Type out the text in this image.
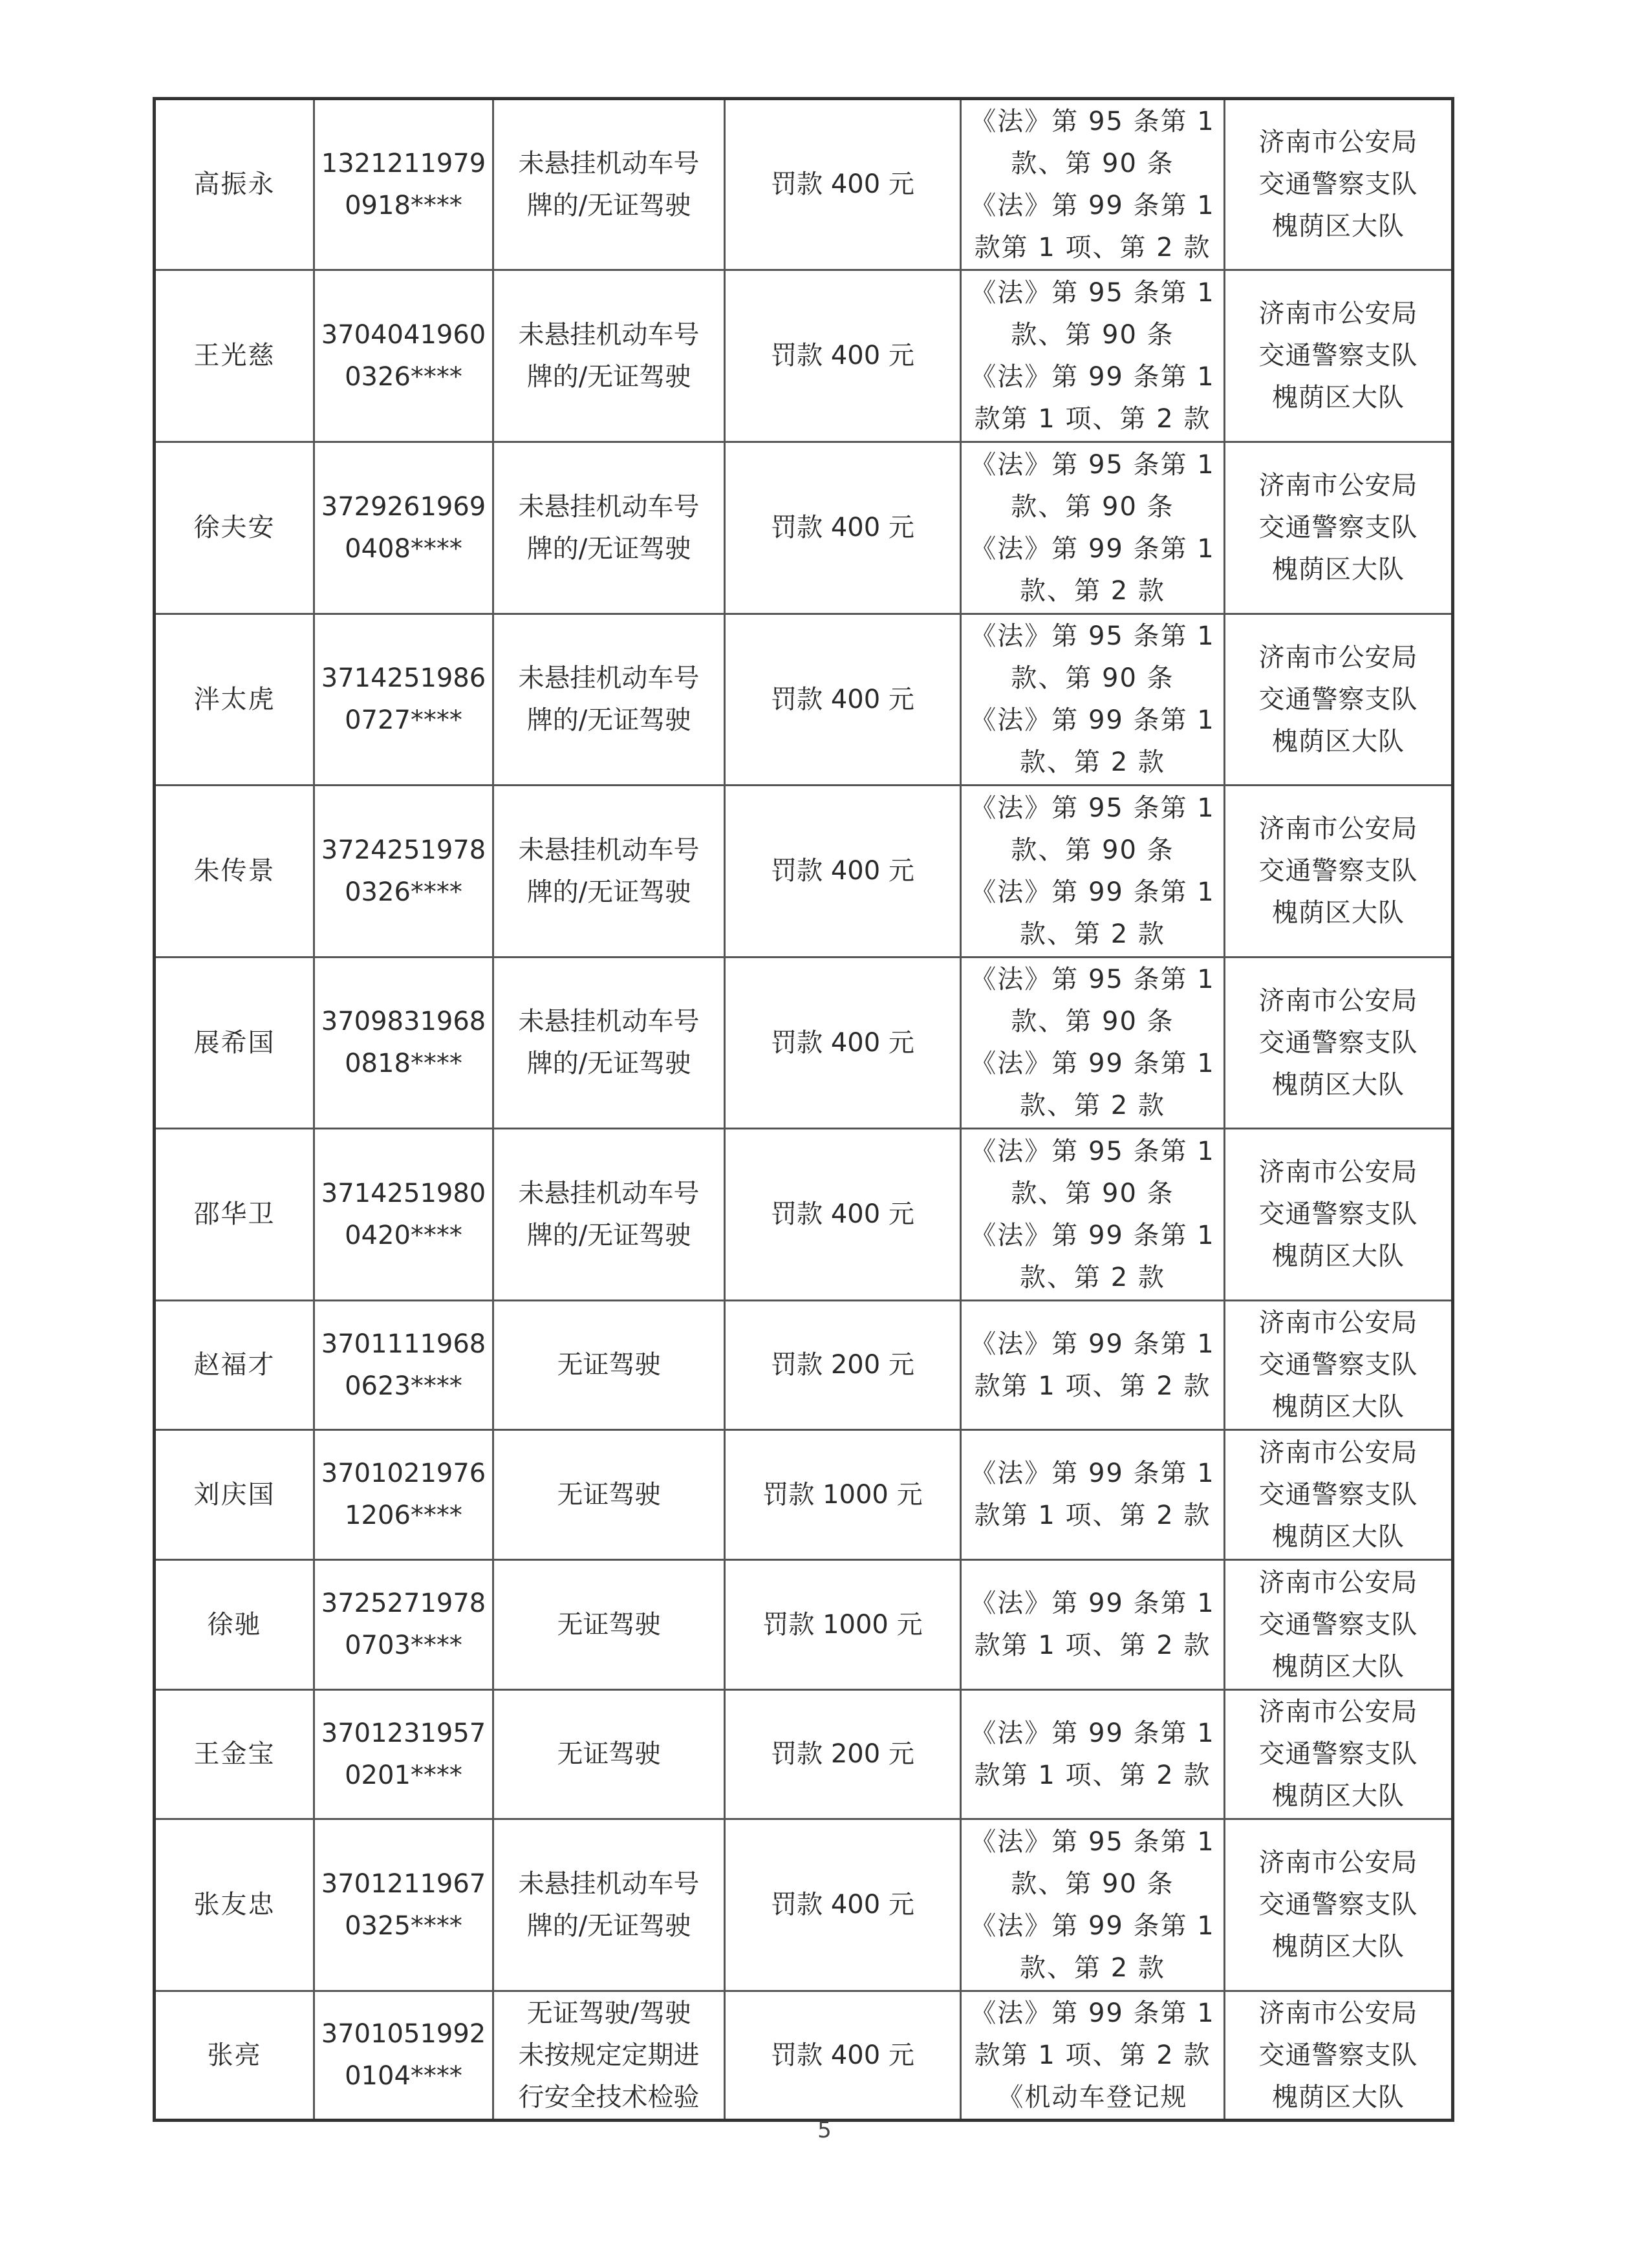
高振永	1321211979
0918****	未悬挂机动车号
牌的/无证驾驶	罚款 400 元	《法》第 95 条第 1
款、第 90 条
《法》第 99 条第 1
款第 1 项、第 2 款	济南市公安局
交通警察支队
槐荫区大队

王光慈	3704041960
0326****	未悬挂机动车号
牌的/无证驾驶	罚款 400 元	《法》第 95 条第 1
款、第 90 条
《法》第 99 条第 1
款第 1 项、第 2 款	济南市公安局
交通警察支队
槐荫区大队

徐夫安	3729261969
0408****	未悬挂机动车号
牌的/无证驾驶	罚款 400 元	《法》第 95 条第 1
款、第 90 条
《法》第 99 条第 1
款、第 2 款	济南市公安局
交通警察支队
槐荫区大队

泮太虎	3714251986
0727****	未悬挂机动车号
牌的/无证驾驶	罚款 400 元	《法》第 95 条第 1
款、第 90 条
《法》第 99 条第 1
款、第 2 款	济南市公安局
交通警察支队
槐荫区大队

朱传景	3724251978
0326****	未悬挂机动车号
牌的/无证驾驶	罚款 400 元	《法》第 95 条第 1
款、第 90 条
《法》第 99 条第 1
款、第 2 款	济南市公安局
交通警察支队
槐荫区大队

展希国	3709831968
0818****	未悬挂机动车号
牌的/无证驾驶	罚款 400 元	《法》第 95 条第 1
款、第 90 条
《法》第 99 条第 1
款、第 2 款	济南市公安局
交通警察支队
槐荫区大队

邵华卫	3714251980
0420****	未悬挂机动车号
牌的/无证驾驶	罚款 400 元	《法》第 95 条第 1
款、第 90 条
《法》第 99 条第 1
款、第 2 款	济南市公安局
交通警察支队
槐荫区大队

赵福才	3701111968
0623****	无证驾驶	罚款 200 元	《法》第 99 条第 1
款第 1 项、第 2 款	济南市公安局
交通警察支队
槐荫区大队

刘庆国	3701021976
1206****	无证驾驶	罚款 1000 元	《法》第 99 条第 1
款第 1 项、第 2 款	济南市公安局
交通警察支队
槐荫区大队

徐驰	3725271978
0703****	无证驾驶	罚款 1000 元	《法》第 99 条第 1
款第 1 项、第 2 款	济南市公安局
交通警察支队
槐荫区大队

王金宝	3701231957
0201****	无证驾驶	罚款 200 元	《法》第 99 条第 1
款第 1 项、第 2 款	济南市公安局
交通警察支队
槐荫区大队

张友忠	3701211967
0325****	未悬挂机动车号
牌的/无证驾驶	罚款 400 元	《法》第 95 条第 1
款、第 90 条
《法》第 99 条第 1
款、第 2 款	济南市公安局
交通警察支队
槐荫区大队

张亮	3701051992
0104****	无证驾驶/驾驶
未按规定定期进
行安全技术检验	罚款 400 元	《法》第 99 条第 1
款第 1 项、第 2 款
《机动车登记规	济南市公安局
交通警察支队
槐荫区大队
5
